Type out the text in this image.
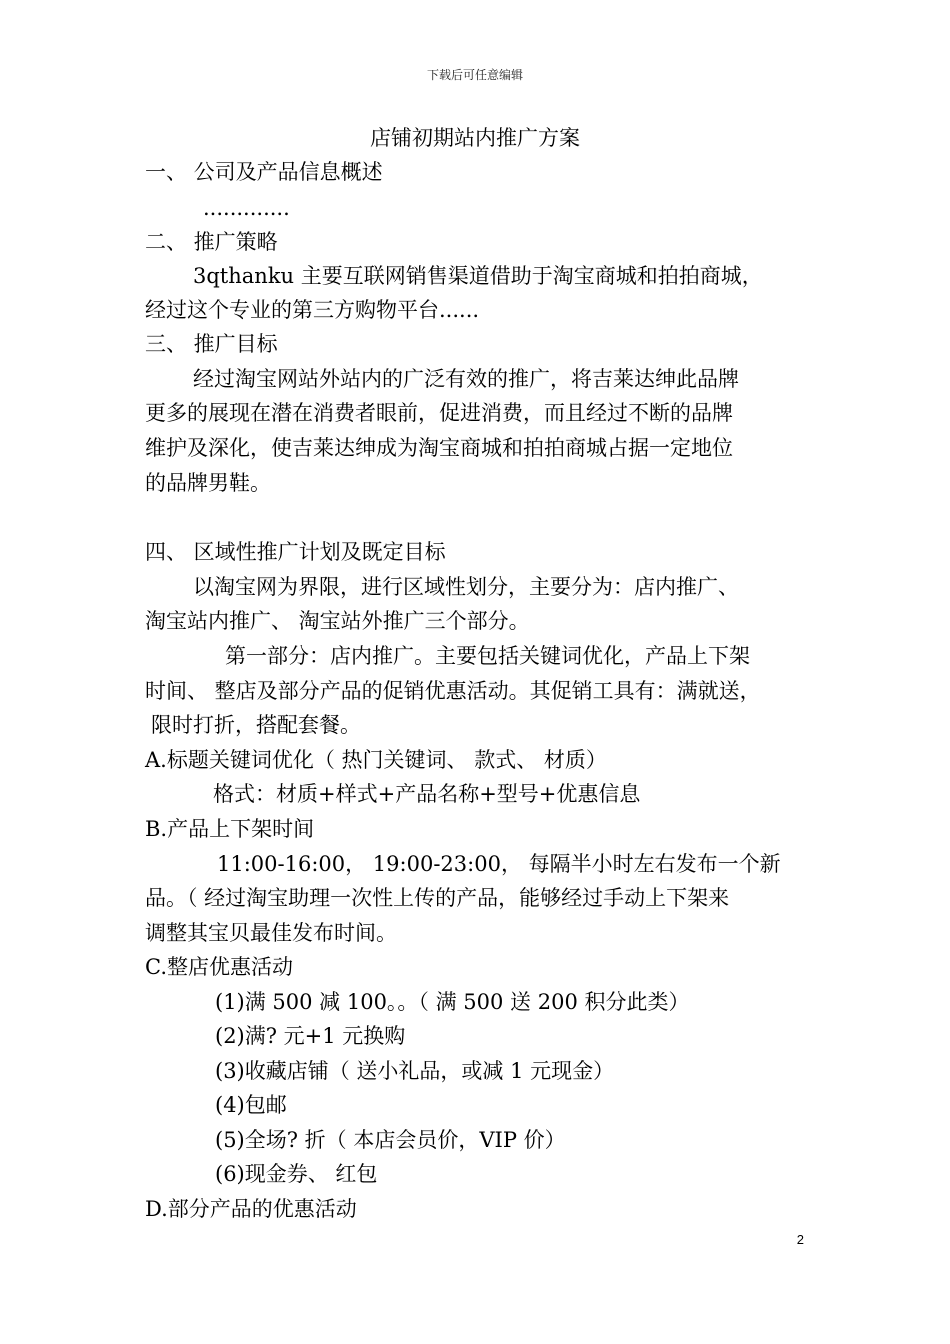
下载后可任意编辑
店铺初期站内推广方案
一、 公司及产品信息概述
.............
二、 推广策略
3qthanku 主要互联网销售渠道借助于淘宝商城和拍拍商城，
经过这个专业的第三方购物平台......
三、 推广目标
经过淘宝网站外站内的广泛有效的推广，将吉莱达绅此品牌
更多的展现在潜在消费者眼前，促进消费，而且经过不断的品牌
维护及深化，使吉莱达绅成为淘宝商城和拍拍商城占据一定地位
的品牌男鞋。
四、 区域性推广计划及既定目标
以淘宝网为界限，进行区域性划分，主要分为：店内推广、
淘宝站内推广、 淘宝站外推广三个部分。
第一部分：店内推广。主要包括关键词优化，产品上下架
时间、 整店及部分产品的促销优惠活动。其促销工具有：满就送，
限时打折，搭配套餐。
A.标题关键词优化（ 热门关键词、 款式、 材质）
格式：材质+样式+产品名称+型号+优惠信息
B.产品上下架时间
11:00-16:00， 19:00-23:00， 每隔半小时左右发布一个新
品。（ 经过淘宝助理一次性上传的产品，能够经过手动上下架来
调整其宝贝最佳发布时间。
C.整店优惠活动
(1)满 500 减 100。。（ 满 500 送 200 积分此类）
(2)满? 元+1 元换购
(3)收藏店铺（ 送小礼品，或减 1 元现金）
(4)包邮
(5)全场? 折（ 本店会员价，VIP 价）
(6)现金券、 红包
D.部分产品的优惠活动
2
